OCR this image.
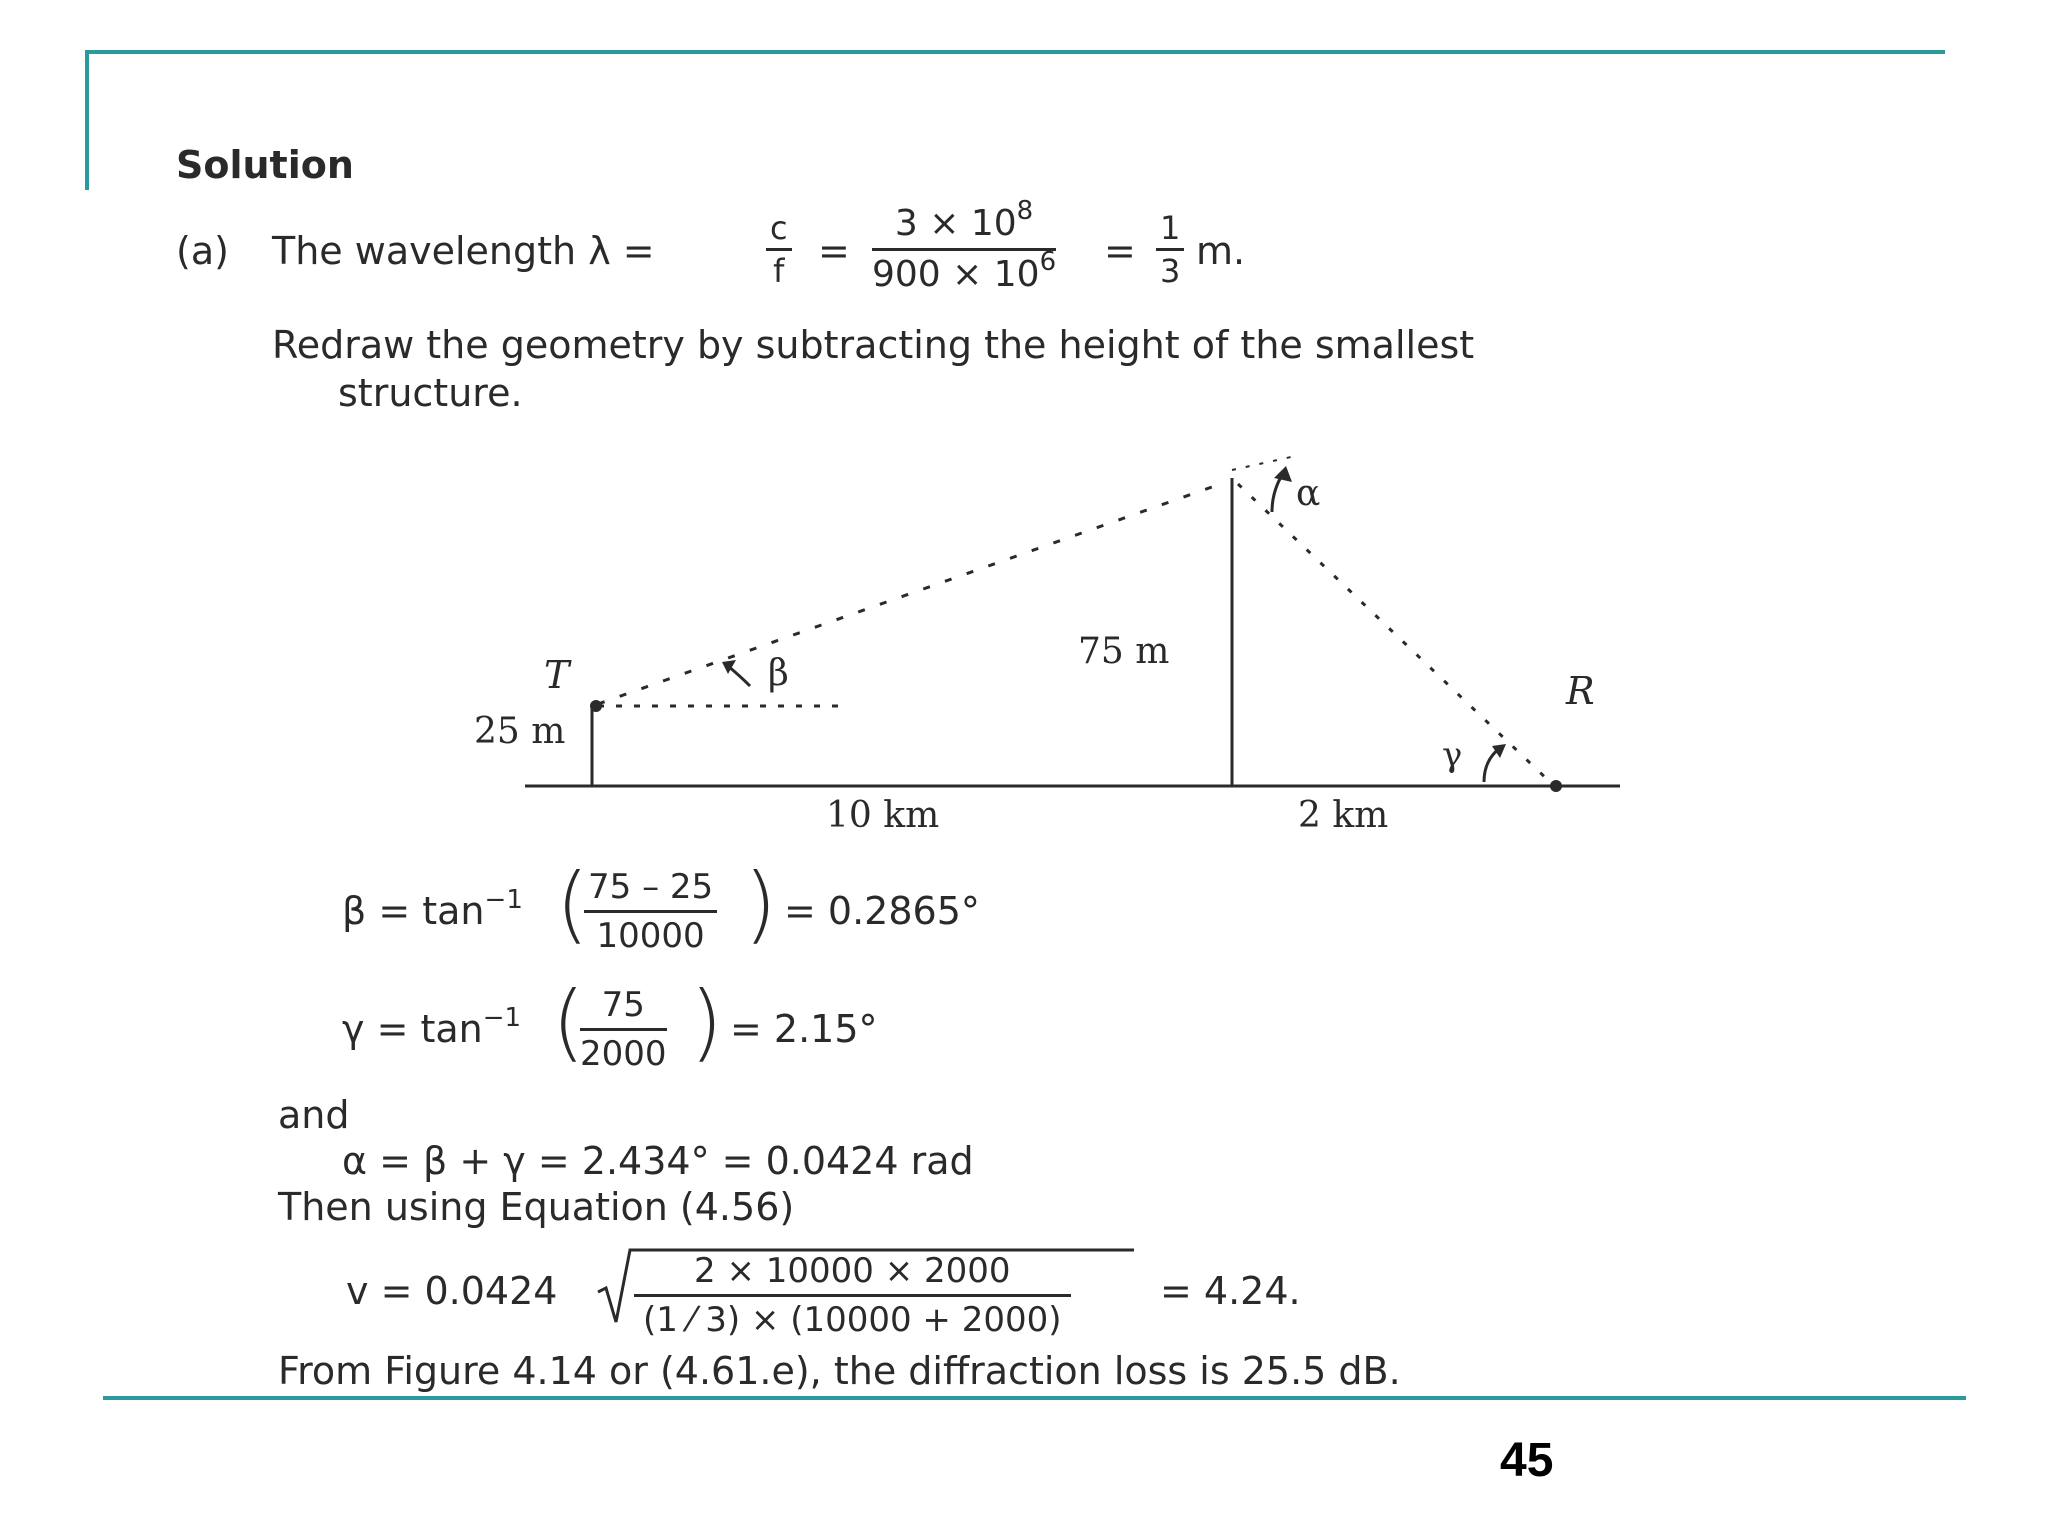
Solution
(a) The wavelength λ =	$\frac{c}{f} = \frac{3 \times 10^8}{900 \times 10^6} = \frac{1}{3} m$.
Redraw the geometry by subtracting the height of the smallest
structure.
T	R
25 m
75 m
10 km	2 km
α
β
γ
$\beta = \tan^{-1}$ (
$\frac{75 - 25}{10000}$ ) = 0.2865°
$\gamma = \tan^{-1}$ (
$\frac{75}{2000}$ ) = 2.15°
and
α = β + γ = 2.434° = 0.0424 rad
Then using Equation (4.56)
$v = 0.0424 \frac{2 \times 10000 \times 2000}{(1 ⁄ 3) \times (10000 + 2000)} = 4.24$.
From Figure 4.14 or (4.61.e), the diffraction loss is 25.5 dB.
45
